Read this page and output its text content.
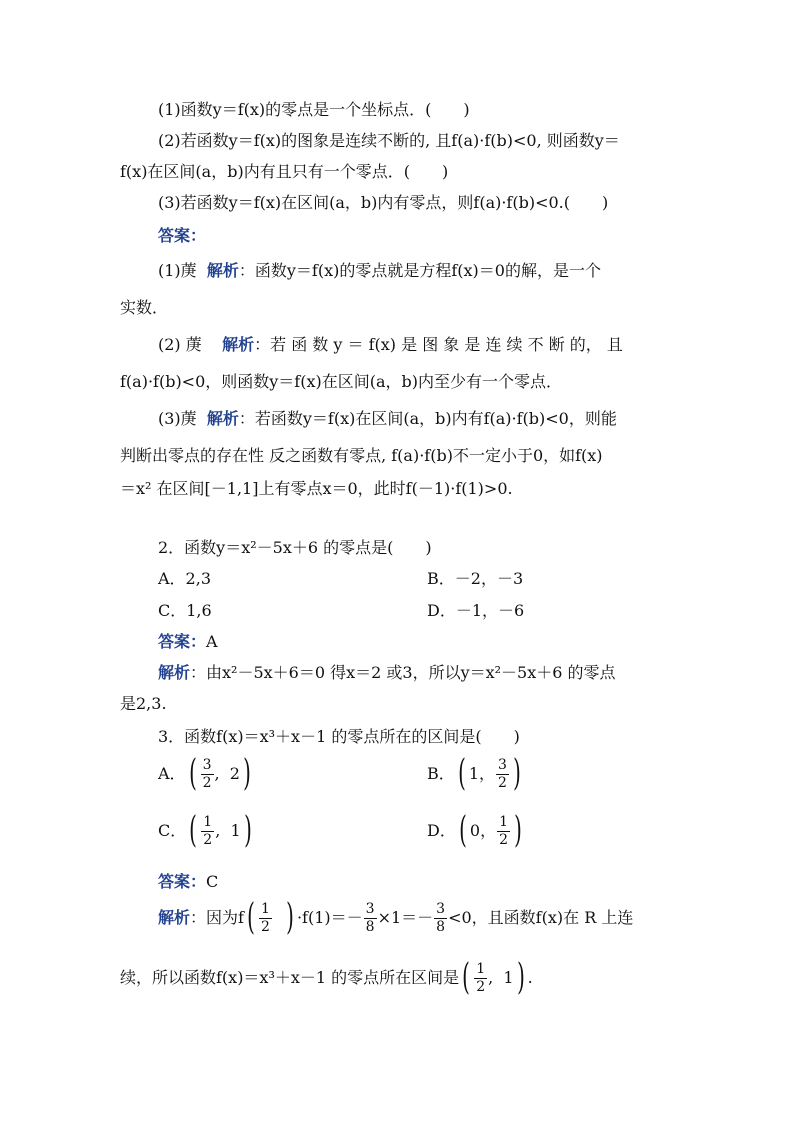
(1)函数y＝f(x)的零点是一个坐标点．(　　)
(2)若函数y＝f(x)的图象是连续不断的, 且f(a)·f(b)<0, 则函数y＝
f(x)在区间(a，b)内有且只有一个零点．(　　)
(3)若函数y＝f(x)在区间(a，b)内有零点，则f(a)·f(b)<0.(　　)
答案：
(1)菮 解析：函数y＝f(x)的零点就是方程f(x)＝0的解，是一个
实数．
(2) 菮 解析：若 函 数 y ＝ f(x) 是 图 象 是 连 续 不 断 的， 且
f(a)·f(b)<0，则函数y＝f(x)在区间(a，b)内至少有一个零点．
(3)菮 解析：若函数y＝f(x)在区间(a，b)内有f(a)·f(b)<0，则能
判断出零点的存在性 反之函数有零点, f(a)·f(b)不一定小于0，如f(x)
＝x² 在区间[－1,1]上有零点x＝0，此时f(－1)·f(1)>0.
2．函数y＝x²－5x＋6 的零点是(　　)
A．2,3	B．－2，－3
C．1,6	D．－1，－6
答案：A
解析：由x²－5x＋6＝0 得x＝2 或3，所以y＝x²－5x＋6 的零点
是2,3.
3．函数f(x)＝x³＋x－1 的零点所在的区间是(　　)
A． ( $\frac{3}{2}$ , 2 )	B． ( 1， $\frac{3}{2}$ )
C． ( $\frac{1}{2}$ , 1 )	D． ( 0， $\frac{1}{2}$ )
答案：C
解析 ：因为f ( $\frac{1}{2}$ ) $\cdot f(1)=- \frac{3}{8} \times 1=- \frac{3}{8} <0$，且函数f(x)在 R 上连
续，所以函数f(x)＝x³＋x－1 的零点所在区间是 ( $\frac{1}{2}$ , 1 ) .
